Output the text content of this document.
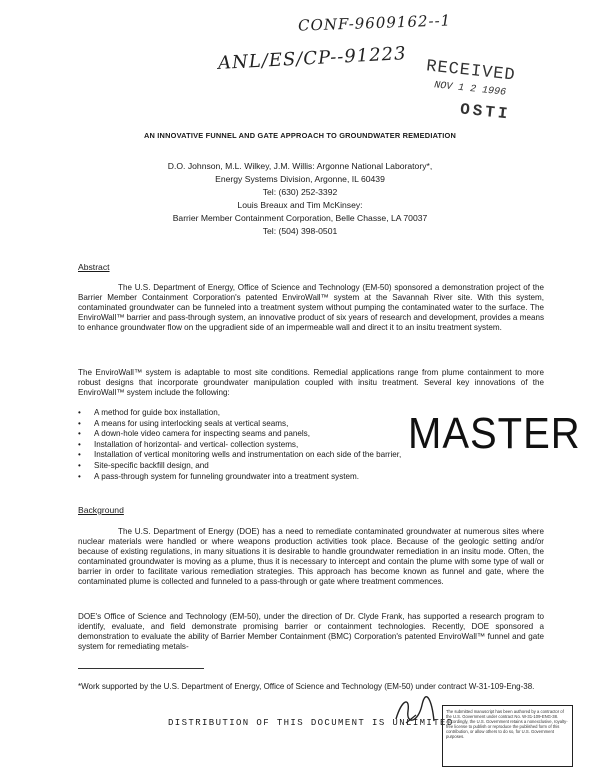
CONF-9609162--1
ANL/ES/CP--91223 RECEIVED
NOV 1 2 1996
OSTI
AN INNOVATIVE FUNNEL AND GATE APPROACH TO GROUNDWATER REMEDIATION
D.O. Johnson, M.L. Wilkey, J.M. Willis: Argonne National Laboratory*,
Energy Systems Division, Argonne, IL 60439
Tel: (630) 252-3392
Louis Breaux and Tim McKinsey:
Barrier Member Containment Corporation, Belle Chasse, LA 70037
Tel: (504) 398-0501
Abstract
The U.S. Department of Energy, Office of Science and Technology (EM-50) sponsored a demonstration project of the Barrier Member Containment Corporation's patented EnviroWall™ system at the Savannah River site. With this system, contaminated groundwater can be funneled into a treatment system without pumping the contaminated water to the surface. The EnviroWall™ barrier and pass-through system, an innovative product of six years of research and development, provides a means to enhance groundwater flow on the upgradient side of an impermeable wall and direct it to an insitu treatment system.
The EnviroWall™ system is adaptable to most site conditions. Remedial applications range from plume containment to more robust designs that incorporate groundwater manipulation coupled with insitu treatment. Several key innovations of the EnviroWall™ system include the following:
• A method for guide box installation,
• A means for using interlocking seals at vertical seams,
• A down-hole video camera for inspecting seams and panels,
• Installation of horizontal- and vertical- collection systems,
• Installation of vertical monitoring wells and instrumentation on each side of the barrier,
• Site-specific backfill design, and
• A pass-through system for funneling groundwater into a treatment system.
MASTER
Background
The U.S. Department of Energy (DOE) has a need to remediate contaminated groundwater at numerous sites where nuclear materials were handled or where weapons production activities took place. Because of the geologic setting and/or because of existing regulations, in many situations it is desirable to handle groundwater remediation in an insitu mode. Often, the contaminated groundwater is moving as a plume, thus it is necessary to intercept and contain the plume with some type of wall or barrier in order to facilitate various remediation strategies. This approach has become known as funnel and gate, where the contaminated plume is collected and funneled to a pass-through or gate where treatment commences.
DOE's Office of Science and Technology (EM-50), under the direction of Dr. Clyde Frank, has supported a research program to identify, evaluate, and field demonstrate promising barrier or containment technologies. Recently, DOE sponsored a demonstration to evaluate the ability of Barrier Member Containment (BMC) Corporation's patented EnviroWall™ funnel and gate system for remediating metals-
*Work supported by the U.S. Department of Energy, Office of Science and Technology (EM-50) under contract W-31-109-Eng-38.
DISTRIBUTION OF THIS DOCUMENT IS UNLIMITED
The submitted manuscript has been authored by a contractor of the U.S. Government under contract No. W-31-109-ENG-38. Accordingly, the U.S. Government retains a nonexclusive, royalty-free license to publish or reproduce the published form of this contribution, or allow others to do so, for U.S. Government purposes.
